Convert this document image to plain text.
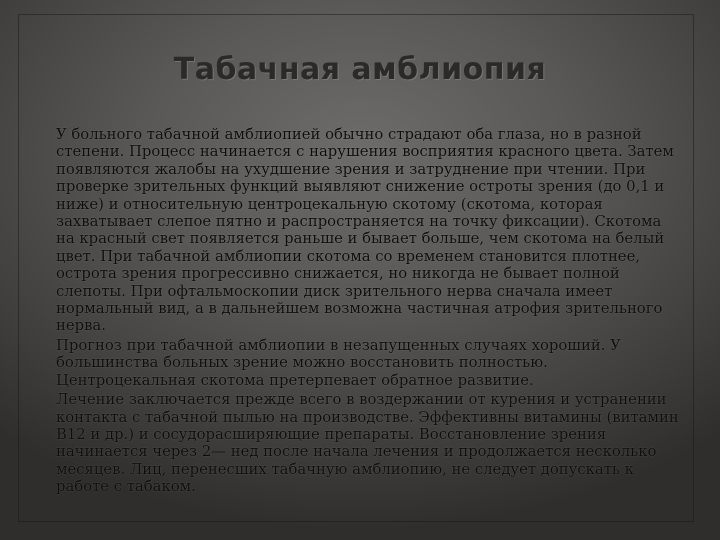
Табачная амблиопия

У больного табачной амблиопией обычно страдают оба глаза, но в разной степени. Процесс начинается с нарушения восприятия красного цвета. Затем появляются жалобы на ухудшение зрения и затруднение при чтении. При проверке зрительных функций выявляют снижение остроты зрения (до 0,1 и ниже) и относительную центроцекальную скотому (скотома, которая захватывает слепое пятно и распространяется на точку фиксации). Скотома на красный свет появляется раньше и бывает больше, чем скотома на белый цвет. При табачной амблиопии скотома со временем становится плотнее, острота зрения прогрессивно снижается, но никогда не бывает полной слепоты. При офтальмоскопии диск зрительного нерва сначала имеет нормальный вид, а в дальнейшем возможна частичная атрофия зрительного нерва.

Прогноз при табачной амблиопии в незапущенных случаях хороший. У большинства больных зрение можно восстановить полностью. Центроцекальная скотома претерпевает обратное развитие.

Лечение заключается прежде всего в воздержании от курения и устранении контакта с табачной пылью на производстве. Эффективны витамины (витамин В12 и др.) и сосудорасширяющие препараты. Восстановление зрения начинается через 2— нед после начала лечения и продолжается несколько месяцев. Лиц, перенесших табачную амблиопию, не следует допускать к работе с табаком.
